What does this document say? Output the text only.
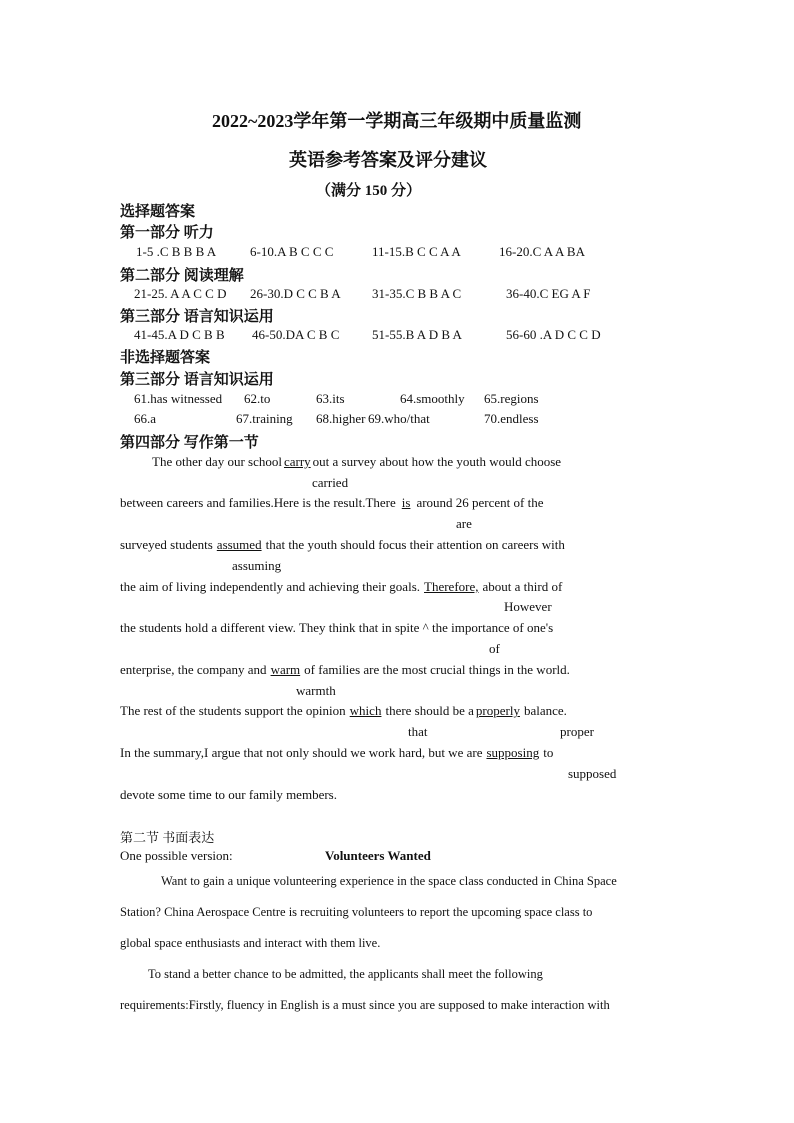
2022~2023学年第一学期高三年级期中质量监测
英语参考答案及评分建议
（满分 150 分）
选择题答案
第一部分 听力
1-5 .C B B B A	6-10.A B C C C	11-15.B C C A A	16-20.C A A BA
第二部分 阅读理解
21-25. A A C C D 26-30.D C C B A 31-35.C B B A C	36-40.C EG A F
第三部分 语言知识运用
41-45.A D C B B 46-50.DA C B C	51-55.B A D B A	56-60 .A D C C D
非选择题答案
第三部分 语言知识运用
61.has witnessed 62.to	63.its	64.smoothly 65.regions
66.a	67.training 68.higher 69.who/that	70.endless
第四部分 写作第一节
The other day our school carry out a survey about how the youth would choose
carried
between careers and families.Here is the result.There is around 26 percent of the
are
surveyed students assumed that the youth should focus their attention on careers with
assuming
the aim of living independently and achieving their goals. Therefore, about a third of
However
the students hold a different view. They think that in spite ^ the importance of one's
of
enterprise, the company and warm of families are the most crucial things in the world.
warmth
The rest of the students support the opinion which there should be a properly balance.
that	proper
In the summary,I argue that not only should we work hard, but we are supposing to
supposed
devote some time to our family members.
第二节 书面表达
One possible version:	Volunteers Wanted
Want to gain a unique volunteering experience in the space class conducted in China Space
Station? China Aerospace Centre is recruiting volunteers to report the upcoming space class to
global space enthusiasts and interact with them live.
To stand a better chance to be admitted, the applicants shall meet the following
requirements:Firstly, fluency in English is a must since you are supposed to make interaction with
